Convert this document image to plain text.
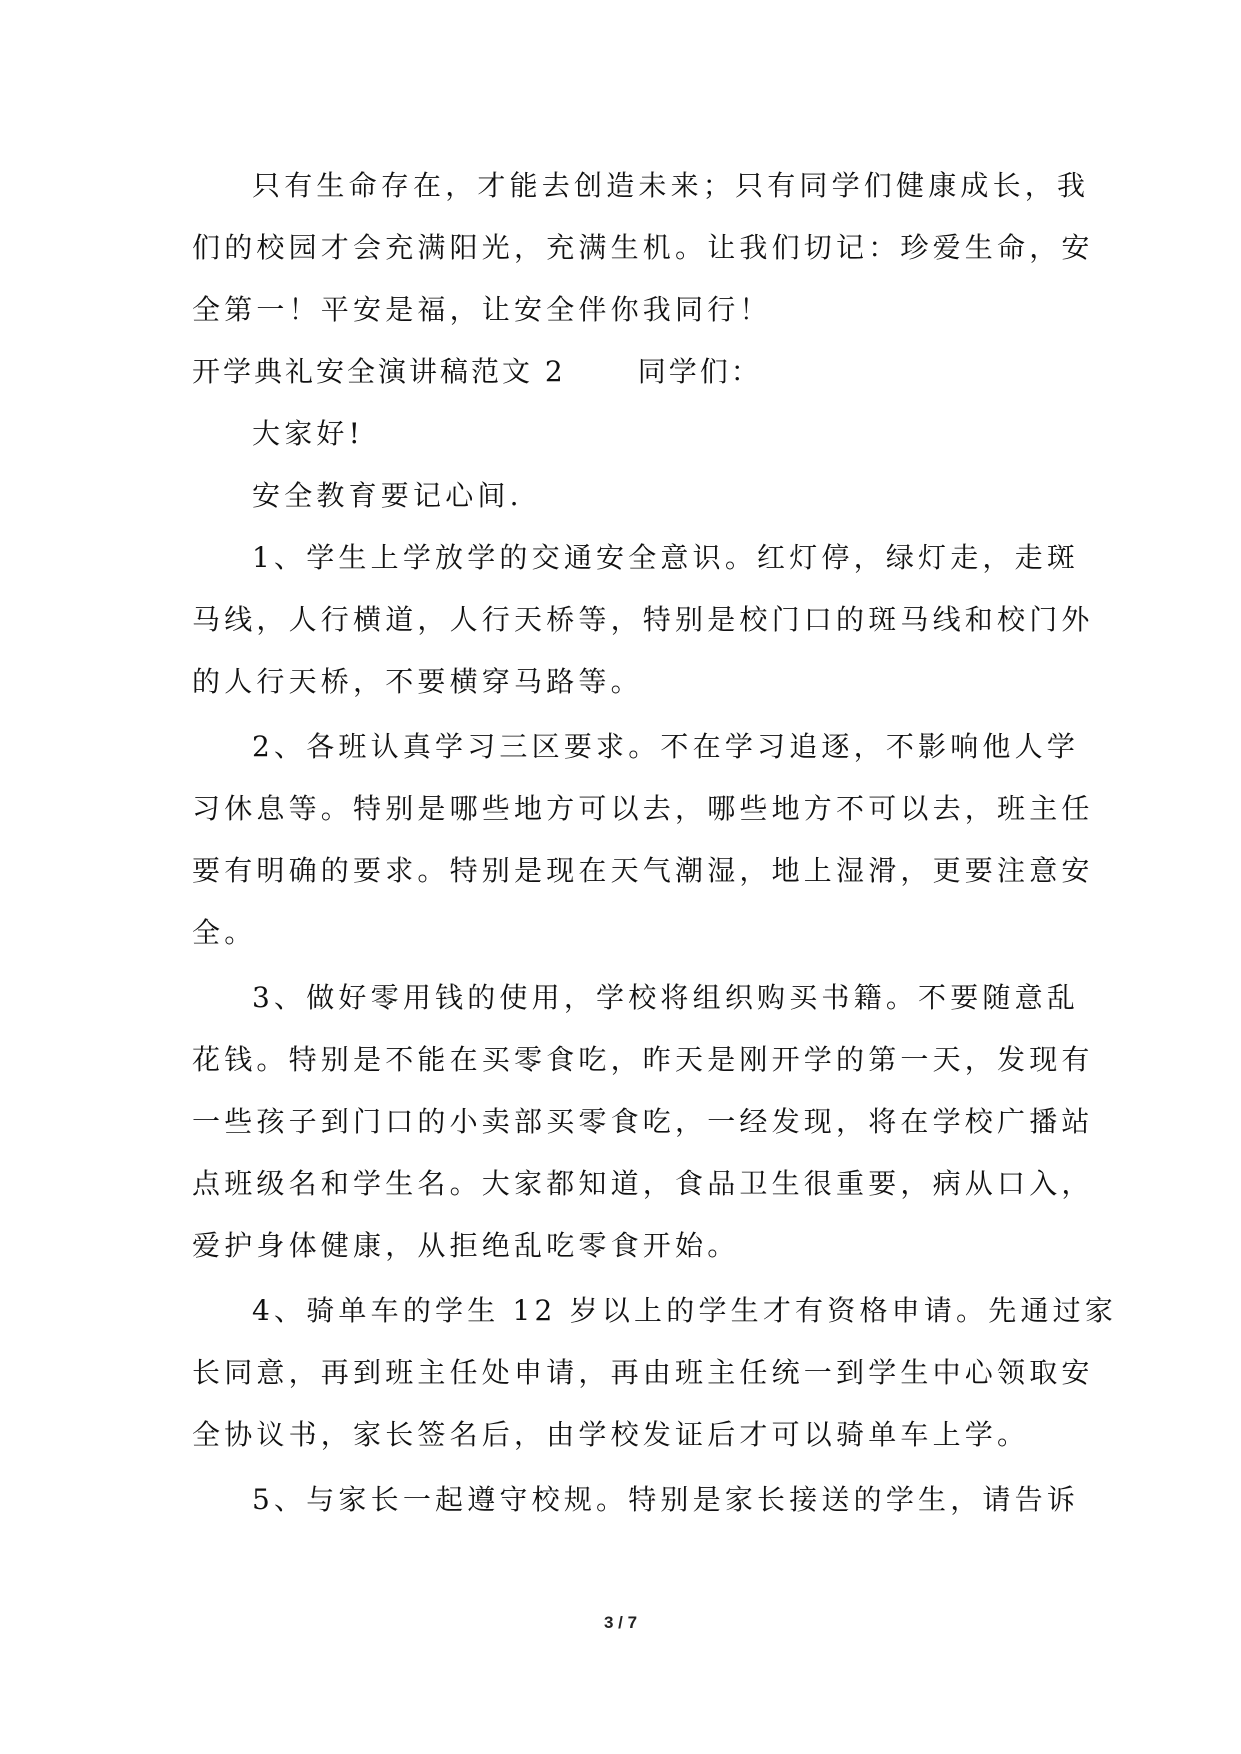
只有生命存在，才能去创造未来；只有同学们健康成长，我
们的校园才会充满阳光，充满生机。让我们切记：珍爱生命，安
全第一！平安是福，让安全伴你我同行！
开学典礼安全演讲稿范文 2	同学们：
大家好!
安全教育要记心间.
1、学生上学放学的交通安全意识。红灯停，绿灯走，走斑
马线，人行横道，人行天桥等，特别是校门口的斑马线和校门外
的人行天桥，不要横穿马路等。
2、各班认真学习三区要求。不在学习追逐，不影响他人学
习休息等。特别是哪些地方可以去，哪些地方不可以去，班主任
要有明确的要求。特别是现在天气潮湿，地上湿滑，更要注意安
全。
3、做好零用钱的使用，学校将组织购买书籍。不要随意乱
花钱。特别是不能在买零食吃，昨天是刚开学的第一天，发现有
一些孩子到门口的小卖部买零食吃，一经发现，将在学校广播站
点班级名和学生名。大家都知道，食品卫生很重要，病从口入，
爱护身体健康，从拒绝乱吃零食开始。
4、骑单车的学生 12 岁以上的学生才有资格申请。先通过家
长同意，再到班主任处申请，再由班主任统一到学生中心领取安
全协议书，家长签名后，由学校发证后才可以骑单车上学。
5、与家长一起遵守校规。特别是家长接送的学生，请告诉
3 / 7
